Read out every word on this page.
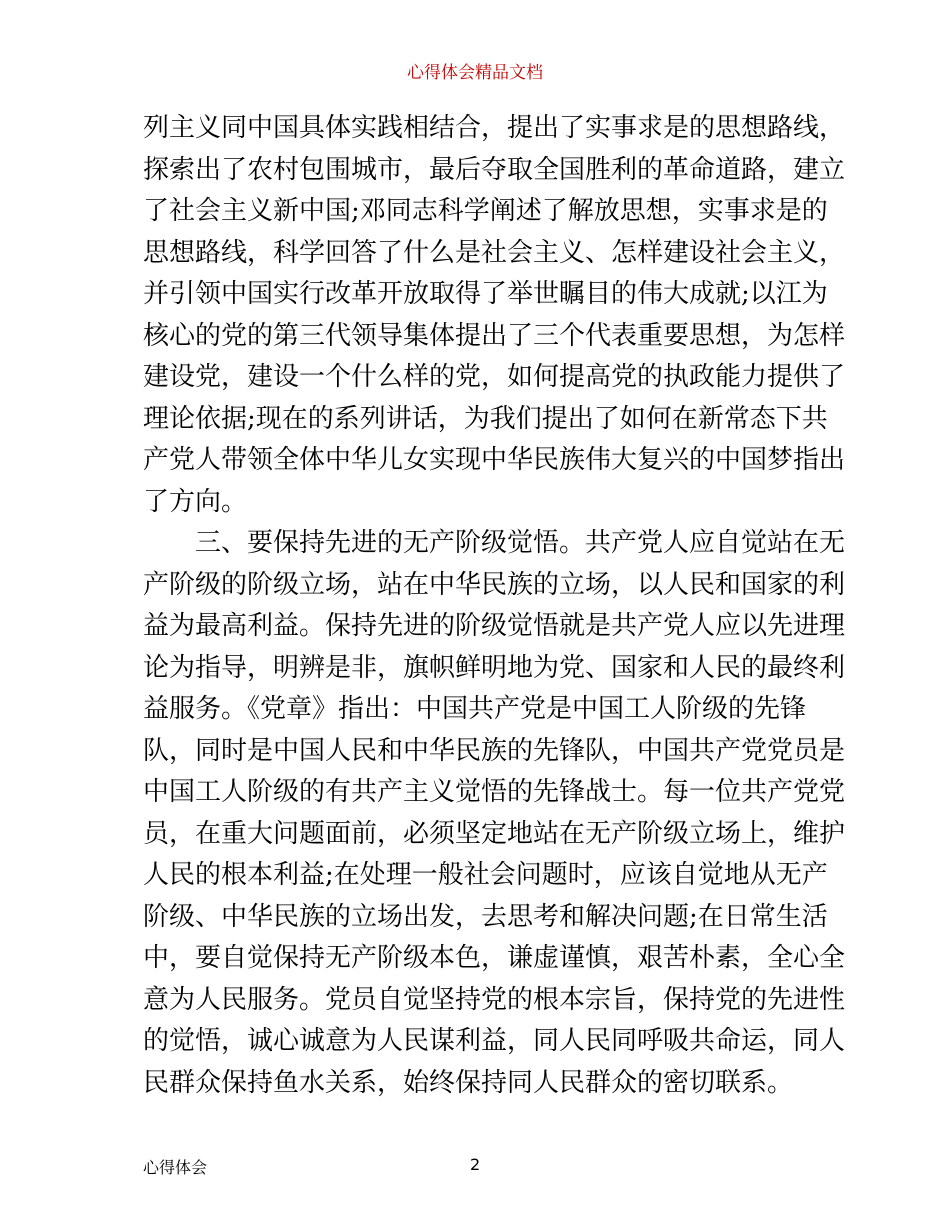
心得体会精品文档
列主义同中国具体实践相结合，提出了实事求是的思想路线，
探索出了农村包围城市，最后夺取全国胜利的革命道路，建立
了社会主义新中国;邓同志科学阐述了解放思想，实事求是的
思想路线，科学回答了什么是社会主义、怎样建设社会主义，
并引领中国实行改革开放取得了举世瞩目的伟大成就;以江为
核心的党的第三代领导集体提出了三个代表重要思想，为怎样
建设党，建设一个什么样的党，如何提高党的执政能力提供了
理论依据;现在的系列讲话，为我们提出了如何在新常态下共
产党人带领全体中华儿女实现中华民族伟大复兴的中国梦指出
了方向。
　　三、要保持先进的无产阶级觉悟。共产党人应自觉站在无
产阶级的阶级立场，站在中华民族的立场，以人民和国家的利
益为最高利益。保持先进的阶级觉悟就是共产党人应以先进理
论为指导，明辨是非，旗帜鲜明地为党、国家和人民的最终利
益服务。《党章》指出：中国共产党是中国工人阶级的先锋
队，同时是中国人民和中华民族的先锋队，中国共产党党员是
中国工人阶级的有共产主义觉悟的先锋战士。每一位共产党党
员，在重大问题面前，必须坚定地站在无产阶级立场上，维护
人民的根本利益;在处理一般社会问题时，应该自觉地从无产
阶级、中华民族的立场出发，去思考和解决问题;在日常生活
中，要自觉保持无产阶级本色，谦虚谨慎，艰苦朴素，全心全
意为人民服务。党员自觉坚持党的根本宗旨，保持党的先进性
的觉悟，诚心诚意为人民谋利益，同人民同呼吸共命运，同人
民群众保持鱼水关系，始终保持同人民群众的密切联系。
心得体会	2
